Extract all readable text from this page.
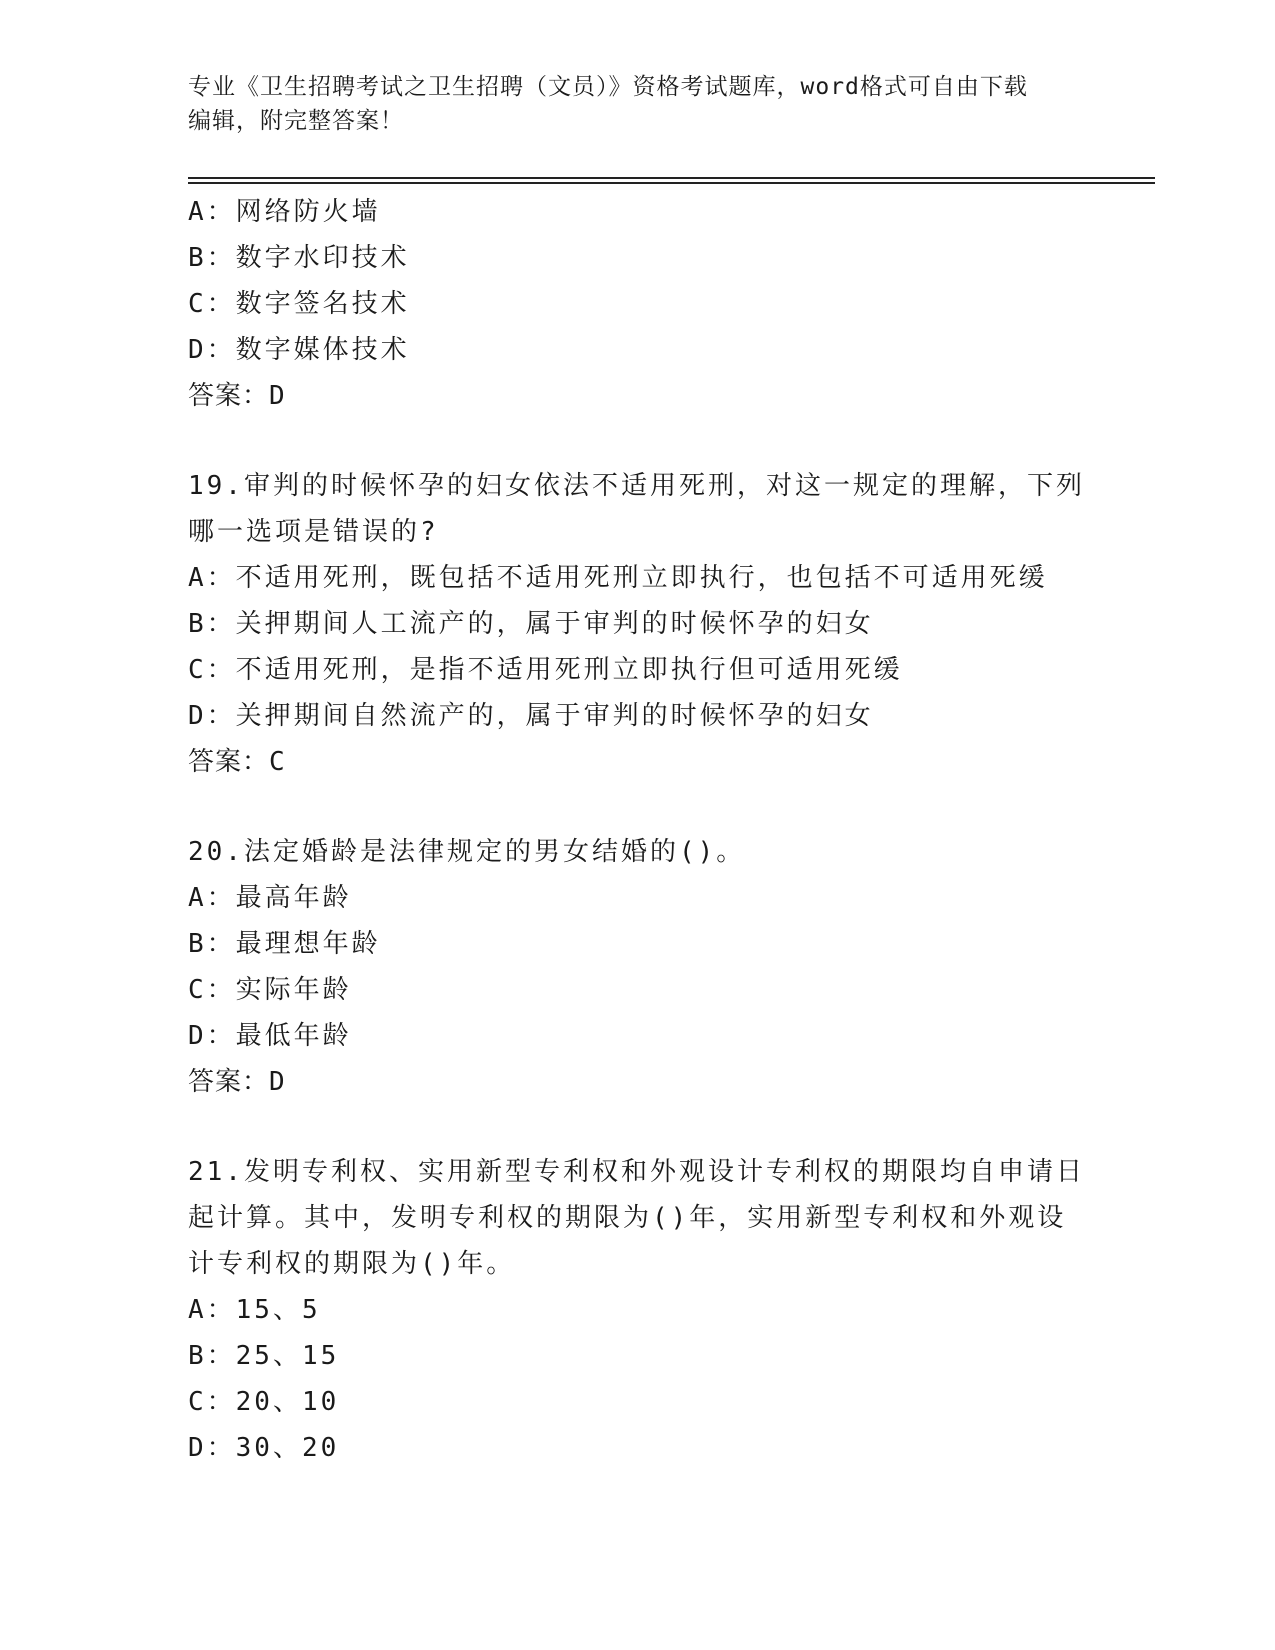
专业《卫生招聘考试之卫生招聘（文员）》资格考试题库，word格式可自由下载
编辑，附完整答案！
A：网络防火墙
B：数字水印技术
C：数字签名技术
D：数字媒体技术
答案：D
19.审判的时候怀孕的妇女依法不适用死刑，对这一规定的理解，下列
哪一选项是错误的?
A：不适用死刑，既包括不适用死刑立即执行，也包括不可适用死缓
B：关押期间人工流产的，属于审判的时候怀孕的妇女
C：不适用死刑，是指不适用死刑立即执行但可适用死缓
D：关押期间自然流产的，属于审判的时候怀孕的妇女
答案：C
20.法定婚龄是法律规定的男女结婚的()。
A：最高年龄
B：最理想年龄
C：实际年龄
D：最低年龄
答案：D
21.发明专利权、实用新型专利权和外观设计专利权的期限均自申请日
起计算。其中，发明专利权的期限为()年，实用新型专利权和外观设
计专利权的期限为()年。
A：15、5
B：25、15
C：20、10
D：30、20
